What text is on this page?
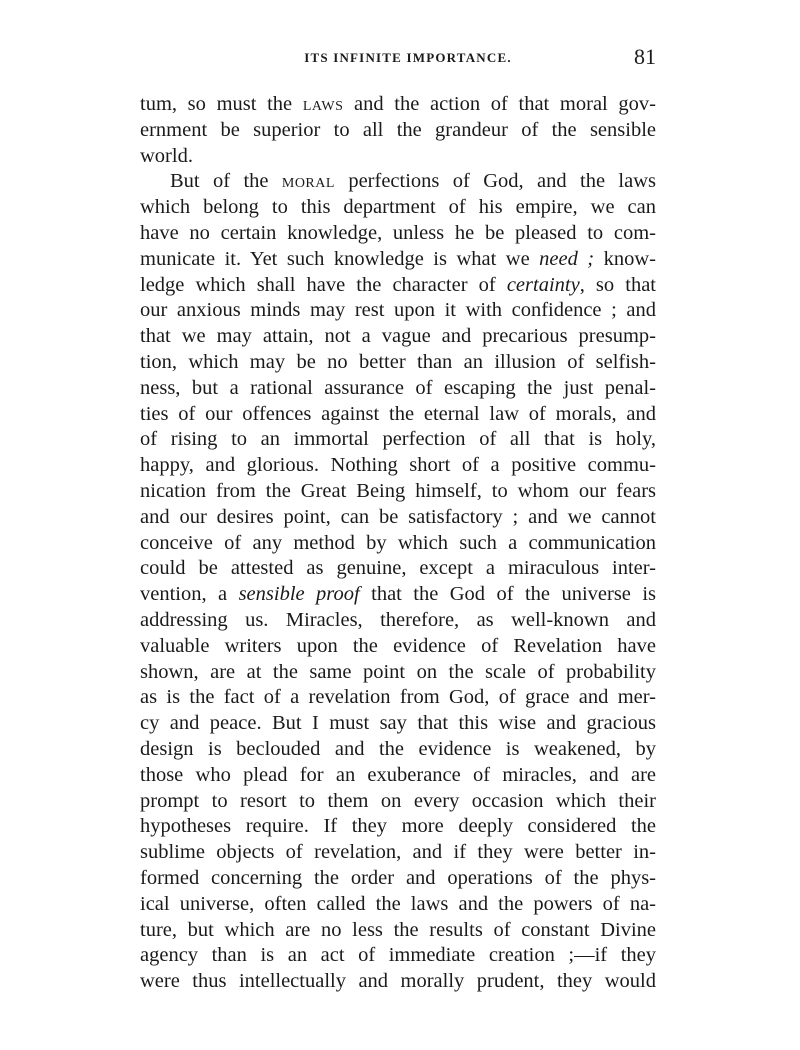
ITS INFINITE IMPORTANCE.	81
tum, so must the laws and the action of that moral gov-
ernment be superior to all the grandeur of the sensible
world.
But of the moral perfections of God, and the laws
which belong to this department of his empire, we can
have no certain knowledge, unless he be pleased to com-
municate it. Yet such knowledge is what we need ; know-
ledge which shall have the character of certainty, so that
our anxious minds may rest upon it with confidence ; and
that we may attain, not a vague and precarious presump-
tion, which may be no better than an illusion of selfish-
ness, but a rational assurance of escaping the just penal-
ties of our offences against the eternal law of morals, and
of rising to an immortal perfection of all that is holy,
happy, and glorious. Nothing short of a positive commu-
nication from the Great Being himself, to whom our fears
and our desires point, can be satisfactory ; and we cannot
conceive of any method by which such a communication
could be attested as genuine, except a miraculous inter-
vention, a sensible proof that the God of the universe is
addressing us. Miracles, therefore, as well-known and
valuable writers upon the evidence of Revelation have
shown, are at the same point on the scale of probability
as is the fact of a revelation from God, of grace and mer-
cy and peace. But I must say that this wise and gracious
design is beclouded and the evidence is weakened, by
those who plead for an exuberance of miracles, and are
prompt to resort to them on every occasion which their
hypotheses require. If they more deeply considered the
sublime objects of revelation, and if they were better in-
formed concerning the order and operations of the phys-
ical universe, often called the laws and the powers of na-
ture, but which are no less the results of constant Divine
agency than is an act of immediate creation ;—if they
were thus intellectually and morally prudent, they would
